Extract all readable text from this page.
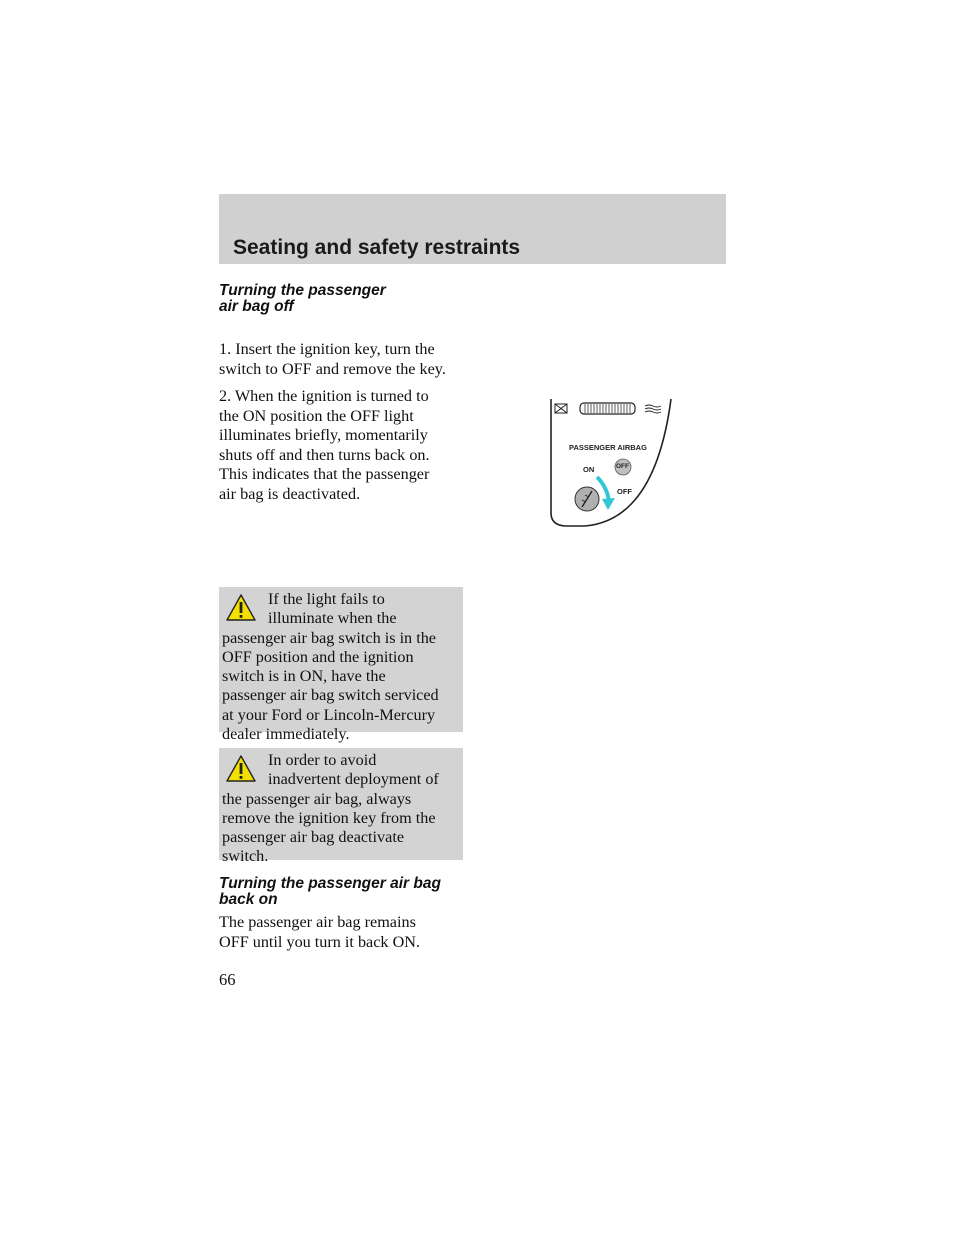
Seating and safety restraints
Turning the passenger
air bag off
1. Insert the ignition key, turn the
switch to OFF and remove the key.
2. When the ignition is turned to
the ON position the OFF light
illuminates briefly, momentarily
shuts off and then turns back on.
This indicates that the passenger
air bag is deactivated.
PASSENGER AIRBAG
ON	OFF
OFF
If the light fails to
illuminate when the
passenger air bag switch is in the
OFF position and the ignition
switch is in ON, have the
passenger air bag switch serviced
at your Ford or Lincoln-Mercury
dealer immediately.
In order to avoid
inadvertent deployment of
the passenger air bag, always
remove the ignition key from the
passenger air bag deactivate
switch.
Turning the passenger air bag
back on
The passenger air bag remains
OFF until you turn it back ON.
66
